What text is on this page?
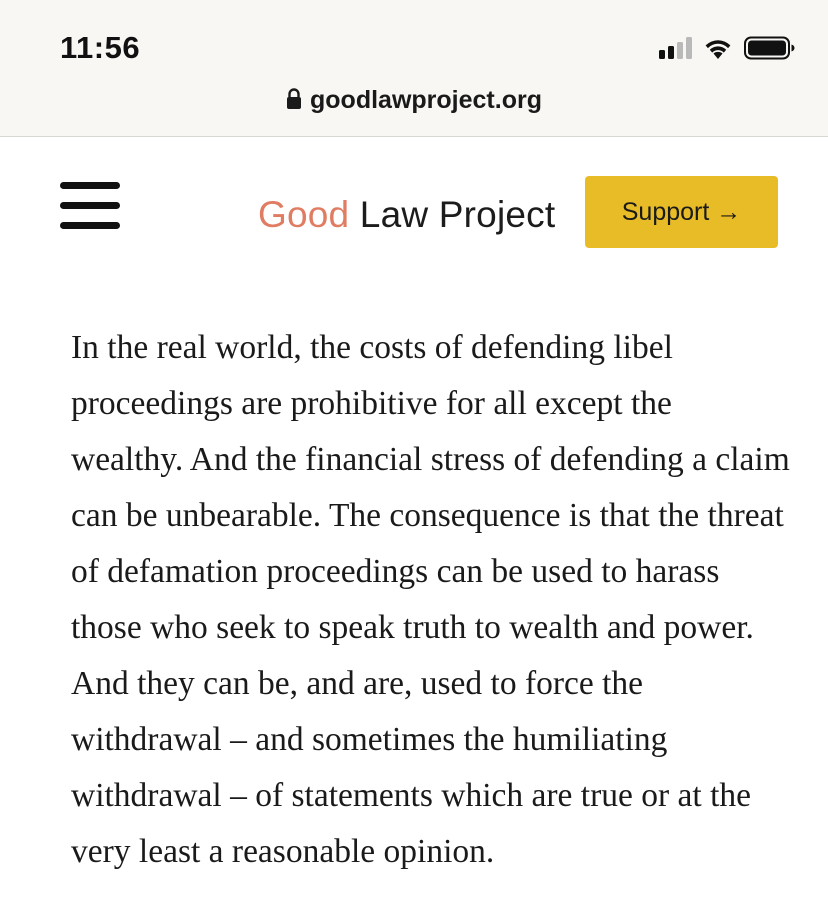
11:56
goodlawproject.org
Good Law Project	Support →

In the real world, the costs of defending libel proceedings are prohibitive for all except the wealthy. And the financial stress of defending a claim can be unbearable. The consequence is that the threat of defamation proceedings can be used to harass those who seek to speak truth to wealth and power. And they can be, and are, used to force the withdrawal – and sometimes the humiliating withdrawal – of statements which are true or at the very least a reasonable opinion.
